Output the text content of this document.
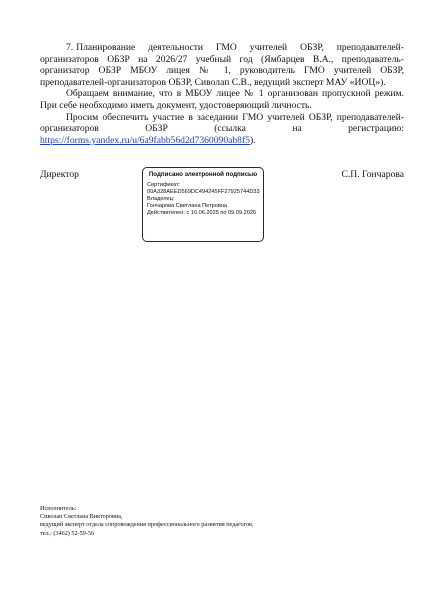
7. Планирование деятельности ГМО учителей ОБЗР, преподавателей-организаторов ОБЗР на 2026/27 учебный год (Ямбарцев В.А., преподаватель-организатор ОБЗР МБОУ лицея № 1, руководитель ГМО учителей ОБЗР, преподавателей-организаторов ОБЗР, Сиволап С.В., ведущий эксперт МАУ «ИОЦ»).

Обращаем внимание, что в МБОУ лицее № 1 организован пропускной режим. При себе необходимо иметь документ, удостоверяющий личность.

Просим обеспечить участие в заседании ГМО учителей ОБЗР, преподавателей-организаторов ОБЗР (ссылка на регистрацию: https://forms.yandex.ru/u/6a9fabb56d2d7360090ab8f5).

Директор	Подписано электронной подписью
Сертификат:
00A328AEED569DC494245FF27925744D33
Владелец:
Гончарова Светлана Петровна
Действителен: с 16.06.2025 по 09.09.2026
С.П. Гончарова
Исполнитель:
Сиволап Светлана Викторовна,
ведущий эксперт отдела сопровождения профессионального развития педагогов,
тел.: (3462) 52-59-56
